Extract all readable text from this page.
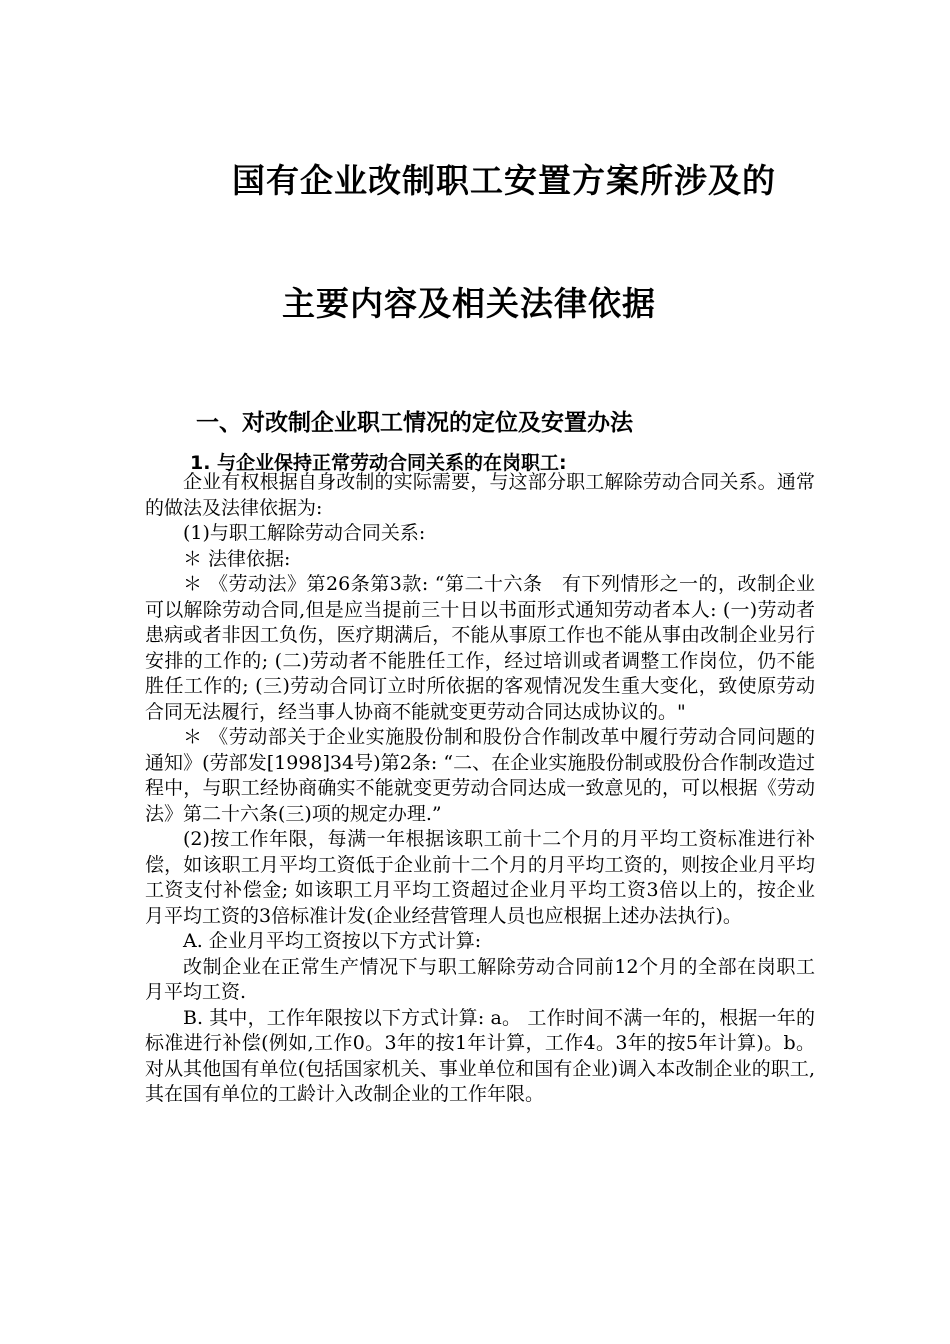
国有企业改制职工安置方案所涉及的
主要内容及相关法律依据
一、对改制企业职工情况的定位及安置办法
1. 与企业保持正常劳动合同关系的在岗职工:

企业有权根据自身改制的实际需要，与这部分职工解除劳动合同关系。通常的做法及法律依据为:

(1)与职工解除劳动合同关系:

＊ 法律依据:

＊ 《劳动法》第26条第3款: “第二十六条　有下列情形之一的，改制企业可以解除劳动合同,但是应当提前三十日以书面形式通知劳动者本人: (一)劳动者患病或者非因工负伤，医疗期满后，不能从事原工作也不能从事由改制企业另行安排的工作的; (二)劳动者不能胜任工作，经过培训或者调整工作岗位，仍不能胜任工作的; (三)劳动合同订立时所依据的客观情况发生重大变化，致使原劳动合同无法履行，经当事人协商不能就变更劳动合同达成协议的。"

＊ 《劳动部关于企业实施股份制和股份合作制改革中履行劳动合同问题的通知》(劳部发[1998]34号)第2条: “二、在企业实施股份制或股份合作制改造过程中，与职工经协商确实不能就变更劳动合同达成一致意见的，可以根据《劳动法》第二十六条(三)项的规定办理.”

(2)按工作年限，每满一年根据该职工前十二个月的月平均工资标准进行补偿，如该职工月平均工资低于企业前十二个月的月平均工资的，则按企业月平均工资支付补偿金; 如该职工月平均工资超过企业月平均工资3倍以上的，按企业月平均工资的3倍标准计发(企业经营管理人员也应根据上述办法执行)。

A. 企业月平均工资按以下方式计算:

改制企业在正常生产情况下与职工解除劳动合同前12个月的全部在岗职工月平均工资.

B. 其中，工作年限按以下方式计算: a。 工作时间不满一年的，根据一年的标准进行补偿(例如,工作0。3年的按1年计算，工作4。3年的按5年计算)。b。 对从其他国有单位(包括国家机关、事业单位和国有企业)调入本改制企业的职工,其在国有单位的工龄计入改制企业的工作年限。
